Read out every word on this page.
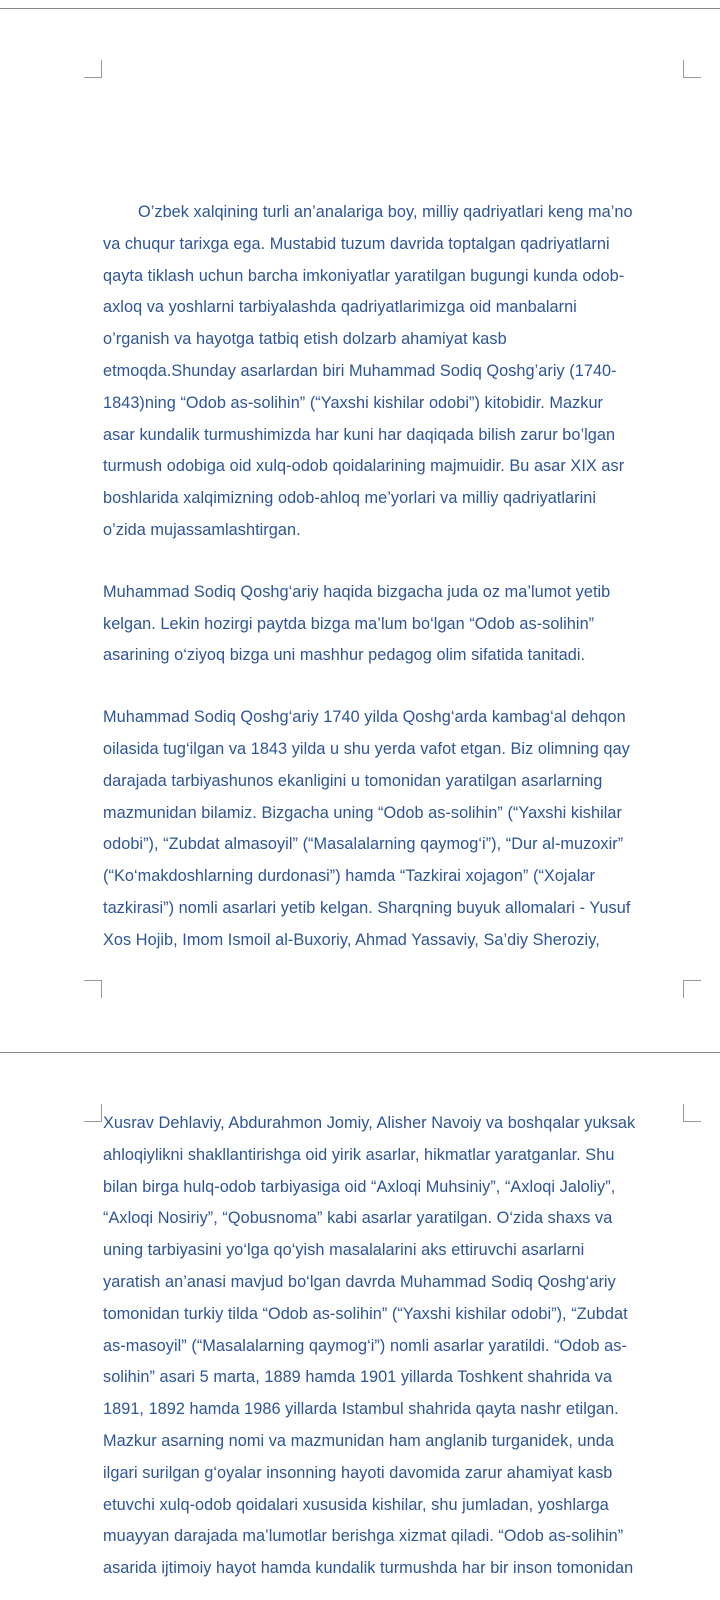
O’zbek xalqining turli an’analariga boy, milliy qadriyatlari keng ma’no
va chuqur tarixga ega. Mustabid tuzum davrida toptalgan qadriyatlarni
qayta tiklash uchun barcha imkoniyatlar yaratilgan bugungi kunda odob-
axloq va yoshlarni tarbiyalashda qadriyatlarimizga oid manbalarni
o’rganish va hayotga tatbiq etish dolzarb ahamiyat kasb
etmoqda.Shunday asarlardan biri Muhammad Sodiq Qoshg’ariy (1740-
1843)ning “Odob as-solihin” (“Yaxshi kishilar odobi”) kitobidir. Mazkur
asar kundalik turmushimizda har kuni har daqiqada bilish zarur bo’lgan
turmush odobiga oid xulq-odob qoidalarining majmuidir. Bu asar XIX asr
boshlarida xalqimizning odob-ahloq me’yorlari va milliy qadriyatlarini
o’zida mujassamlashtirgan.

Muhammad Sodiq Qoshg‘ariy haqida bizgacha juda oz ma’lumot yetib
kelgan. Lekin hozirgi paytda bizga ma’lum bo‘lgan “Odob as-solihin”
asarining o‘ziyoq bizga uni mashhur pedagog olim sifatida tanitadi.

Muhammad Sodiq Qoshg‘ariy 1740 yilda Qoshg‘arda kambag‘al dehqon
oilasida tug‘ilgan va 1843 yilda u shu yerda vafot etgan. Biz olimning qay
darajada tarbiyashunos ekanligini u tomonidan yaratilgan asarlarning
mazmunidan bilamiz. Bizgacha uning “Odob as-solihin” (“Yaxshi kishilar
odobi”), “Zubdat almasoyil” (“Masalalarning qaymog‘i”), “Dur al-muzoxir”
(“Ko‘makdoshlarning durdonasi”) hamda “Tazkirai xojagon” (“Xojalar
tazkirasi”) nomli asarlari yetib kelgan. Sharqning buyuk allomalari - Yusuf
Xos Hojib, Imom Ismoil al-Buxoriy, Ahmad Yassaviy, Sa’diy Sheroziy,

Xusrav Dehlaviy, Abdurahmon Jomiy, Alisher Navoiy va boshqalar yuksak
ahloqiylikni shakllantirishga oid yirik asarlar, hikmatlar yaratganlar. Shu
bilan birga hulq-odob tarbiyasiga oid “Axloqi Muhsiniy”, “Axloqi Jaloliy”,
“Axloqi Nosiriy”, “Qobusnoma” kabi asarlar yaratilgan. O‘zida shaxs va
uning tarbiyasini yo‘lga qo‘yish masalalarini aks ettiruvchi asarlarni
yaratish an’anasi mavjud bo‘lgan davrda Muhammad Sodiq Qoshg‘ariy
tomonidan turkiy tilda “Odob as-solihin” (“Yaxshi kishilar odobi”), “Zubdat
as-masoyil” (“Masalalarning qaymog‘i”) nomli asarlar yaratildi. “Odob as-
solihin” asari 5 marta, 1889 hamda 1901 yillarda Toshkent shahrida va
1891, 1892 hamda 1986 yillarda Istambul shahrida qayta nashr etilgan.
Mazkur asarning nomi va mazmunidan ham anglanib turganidek, unda
ilgari surilgan g‘oyalar insonning hayoti davomida zarur ahamiyat kasb
etuvchi xulq-odob qoidalari xususida kishilar, shu jumladan, yoshlarga
muayyan darajada ma’lumotlar berishga xizmat qiladi. “Odob as-solihin”
asarida ijtimoiy hayot hamda kundalik turmushda har bir inson tomonidan
